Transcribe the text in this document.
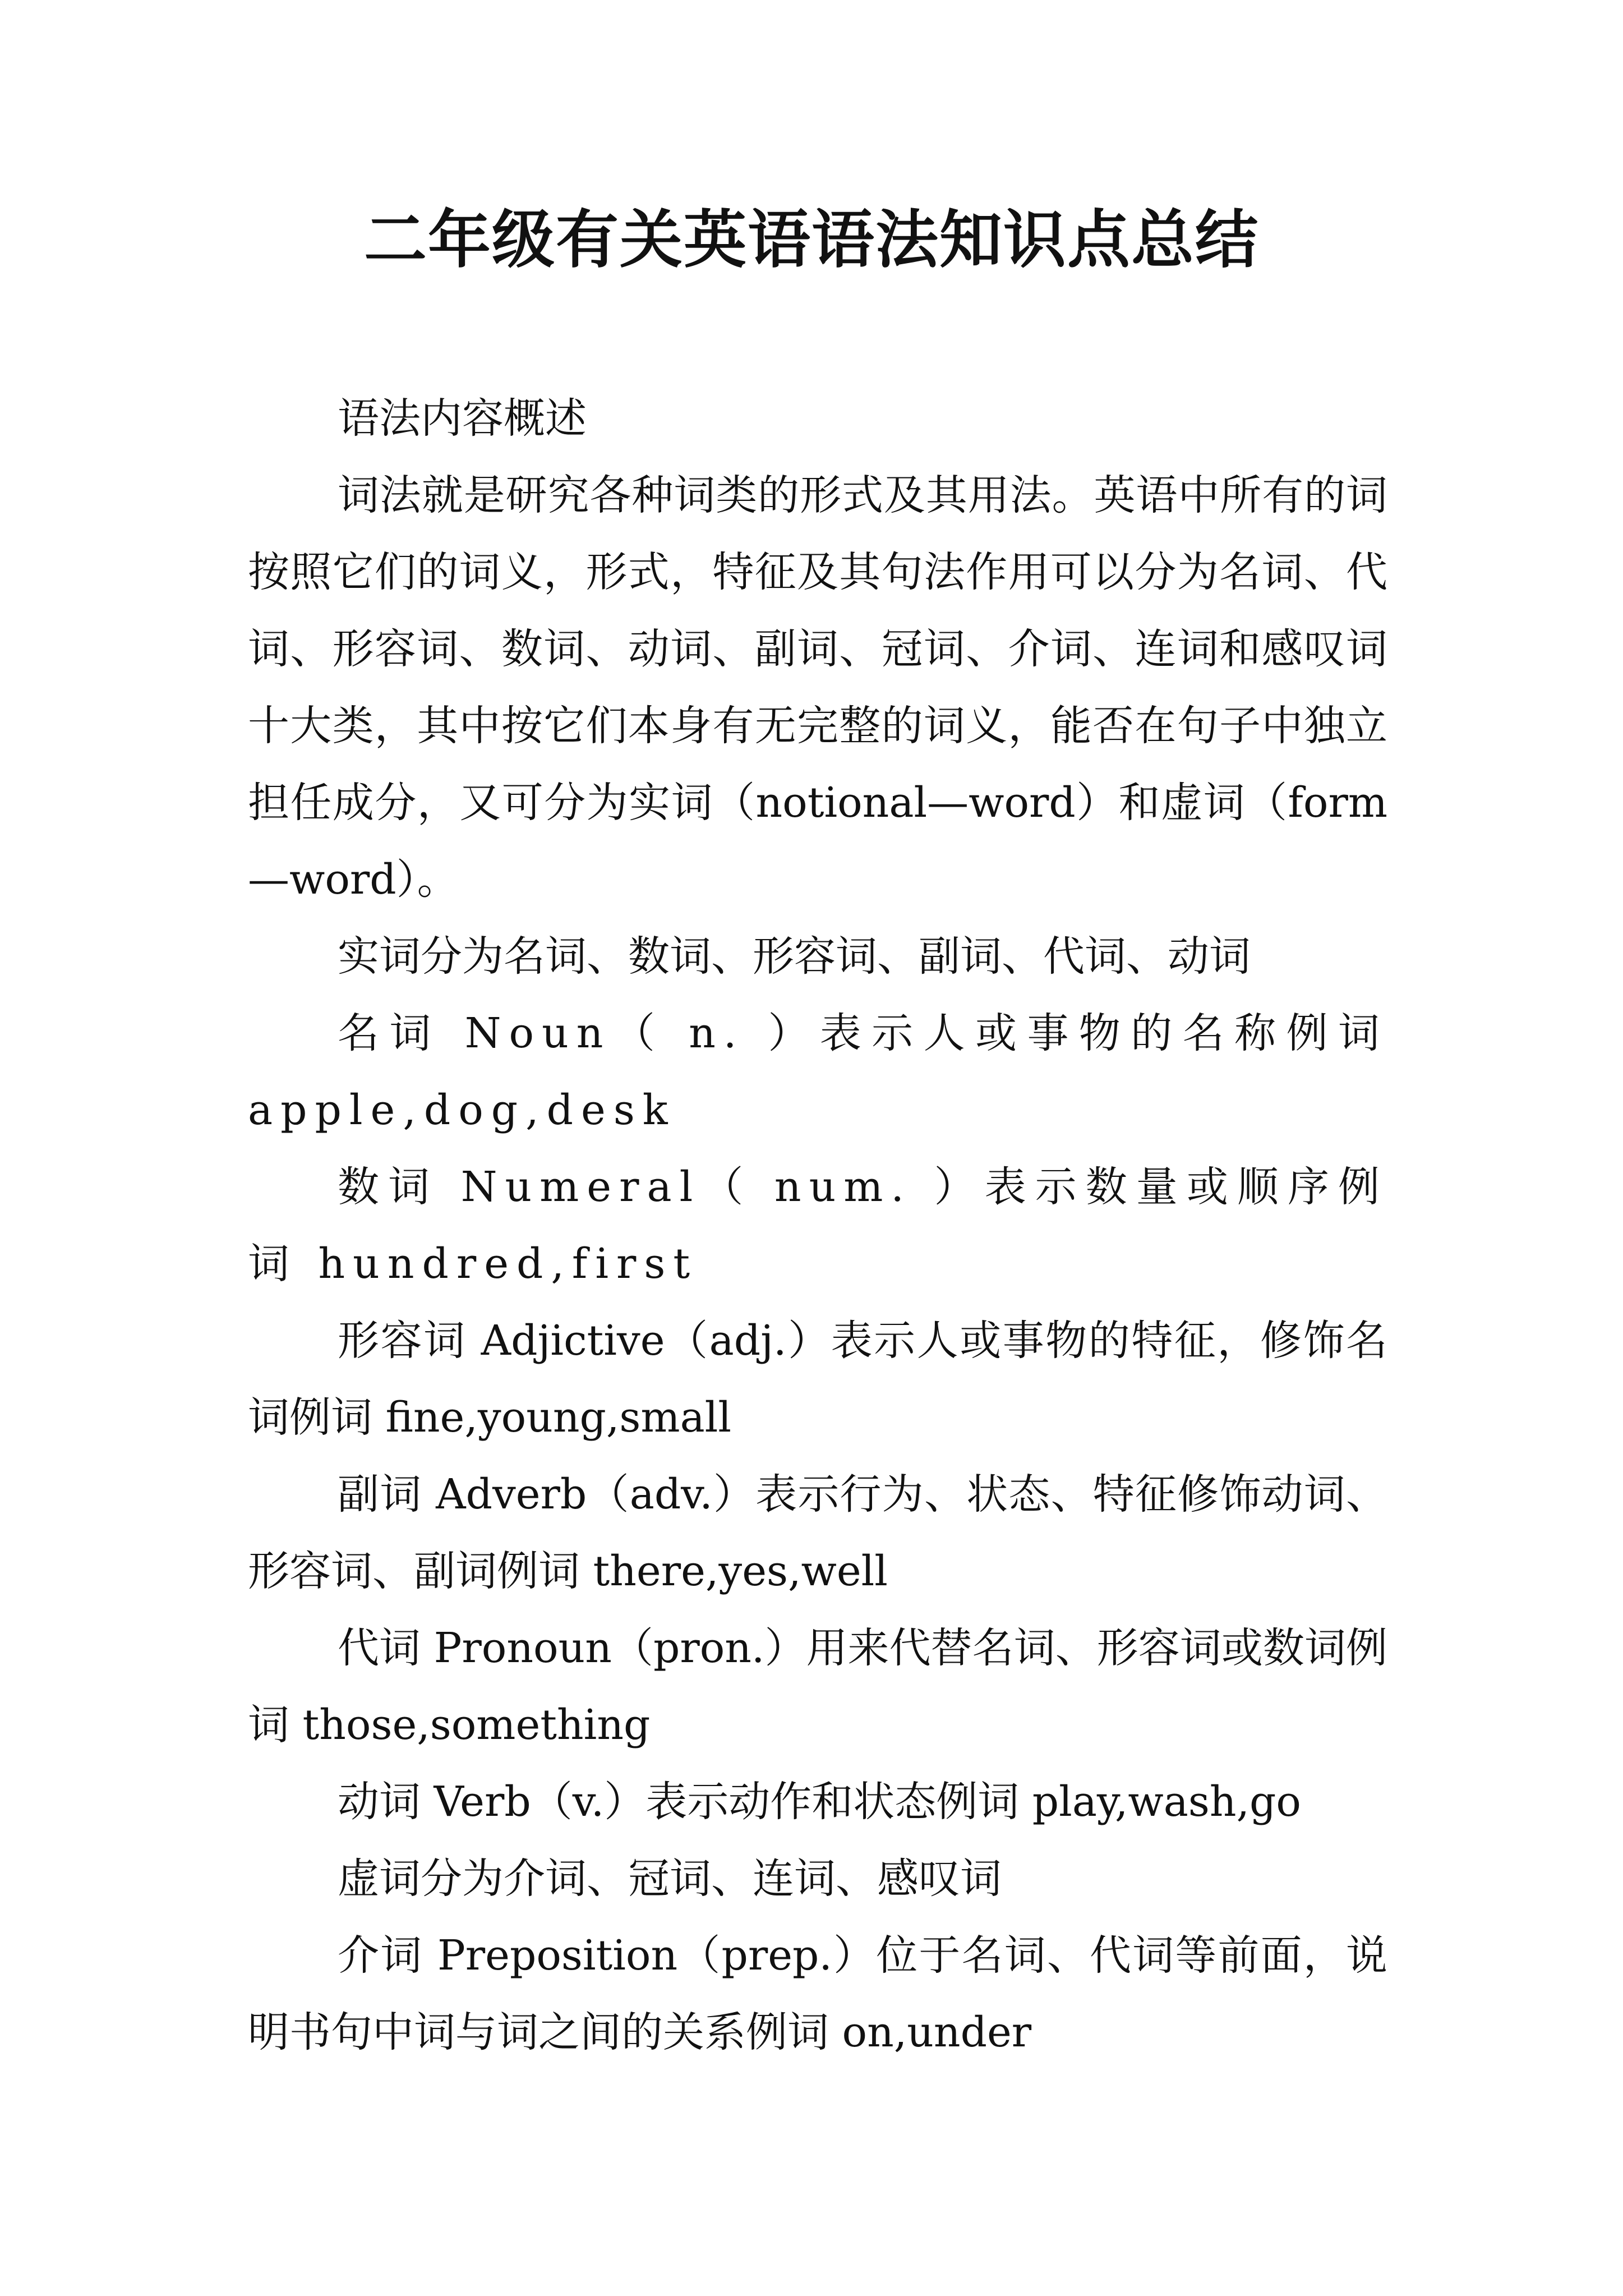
二年级有关英语语法知识点总结

语法内容概述

词法就是研究各种词类的形式及其用法。英语中所有的词按照它们的词义，形式，特征及其句法作用可以分为名词、代词、形容词、数词、动词、副词、冠词、介词、连词和感叹词十大类，其中按它们本身有无完整的词义，能否在句子中独立担任成分，又可分为实词（notional—word）和虚词（form—word）。

实词分为名词、数词、形容词、副词、代词、动词

名词 Noun（ n. ）表示人或事物的名称例词 apple,dog,desk

数词 Numeral（ num. ）表示数量或顺序例词 hundred,first

形容词 Adjictive（adj.）表示人或事物的特征，修饰名词例词 fine,young,small

副词 Adverb（adv.）表示行为、状态、特征修饰动词、形容词、副词例词 there,yes,well

代词 Pronoun（pron.）用来代替名词、形容词或数词例词 those,something

动词 Verb（v.）表示动作和状态例词 play,wash,go

虚词分为介词、冠词、连词、感叹词

介词 Preposition（prep.）位于名词、代词等前面，说明书句中词与词之间的关系例词 on,under
